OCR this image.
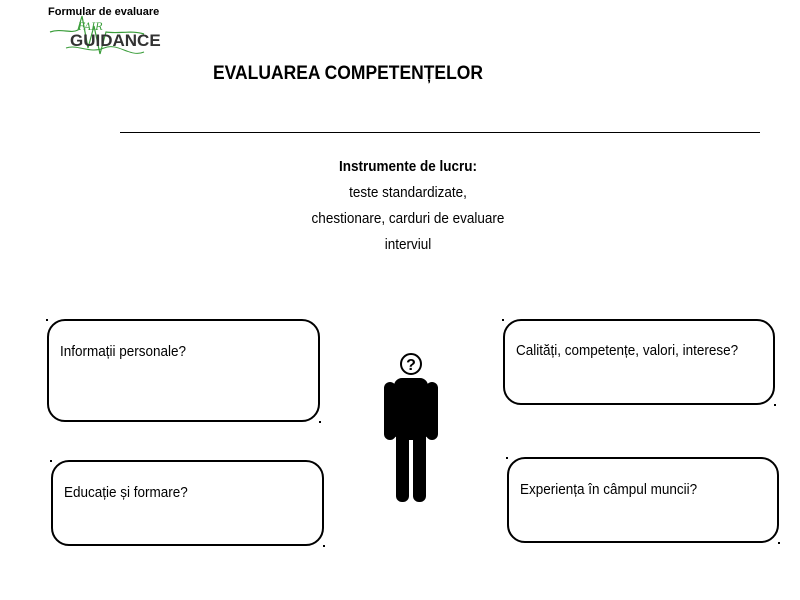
Formular de evaluare
FAIR
GUIDANCE
EVALUAREA COMPETENȚELOR
Instrumente de lucru:
teste standardizate,
chestionare, carduri de evaluare
interviul
Informații personale?	Calități, competențe, valori, interese?
Educație și formare?	Experiența în câmpul muncii?
?
